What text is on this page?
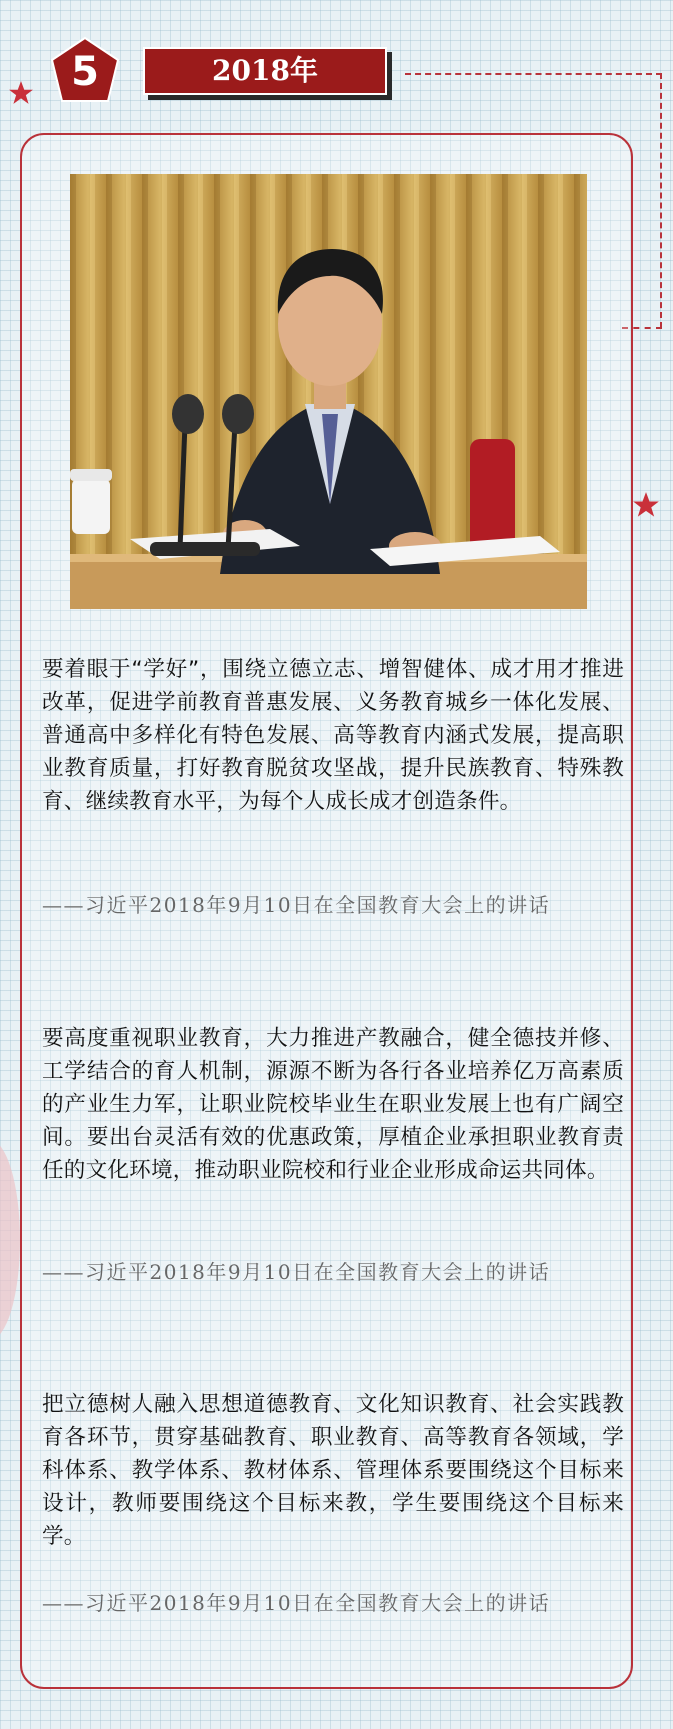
5	2018年
要着眼于“学好”，围绕立德立志、增智健体、成才用才推进改革，促进学前教育普惠发展、义务教育城乡一体化发展、普通高中多样化有特色发展、高等教育内涵式发展，提高职业教育质量，打好教育脱贫攻坚战，提升民族教育、特殊教育、继续教育水平，为每个人成长成才创造条件。
——习近平2018年9月10日在全国教育大会上的讲话
要高度重视职业教育，大力推进产教融合，健全德技并修、工学结合的育人机制，源源不断为各行各业培养亿万高素质的产业生力军，让职业院校毕业生在职业发展上也有广阔空间。要出台灵活有效的优惠政策，厚植企业承担职业教育责任的文化环境，推动职业院校和行业企业形成命运共同体。
——习近平2018年9月10日在全国教育大会上的讲话
把立德树人融入思想道德教育、文化知识教育、社会实践教育各环节，贯穿基础教育、职业教育、高等教育各领域，学科体系、教学体系、教材体系、管理体系要围绕这个目标来设计，教师要围绕这个目标来教，学生要围绕这个目标来学。
——习近平2018年9月10日在全国教育大会上的讲话
